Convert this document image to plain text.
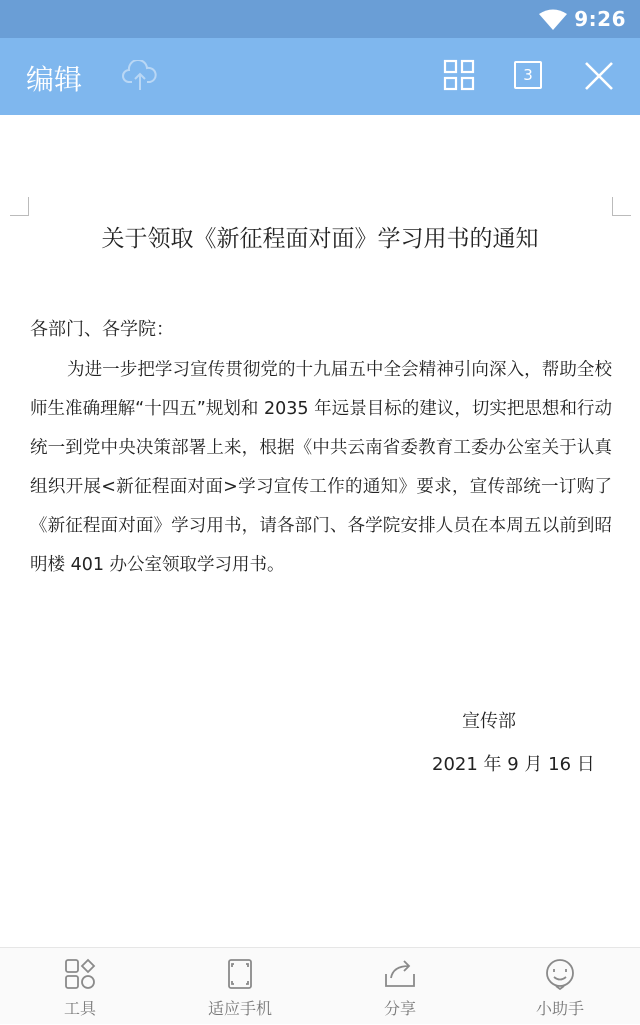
9:26
编辑	3
关于领取《新征程面对面》学习用书的通知
各部门、各学院：

为进一步把学习宣传贯彻党的十九届五中全会精神引向深入，帮助全校师生准确理解“十四五”规划和 2035 年远景目标的建议，切实把思想和行动统一到党中央决策部署上来，根据《中共云南省委教育工委办公室关于认真组织开展<新征程面对面>学习宣传工作的通知》要求，宣传部统一订购了《新征程面对面》学习用书，请各部门、各学院安排人员在本周五以前到昭明楼 401 办公室领取学习用书。

宣传部
2021 年 9 月 16 日
工具	适应手机	分享	小助手
